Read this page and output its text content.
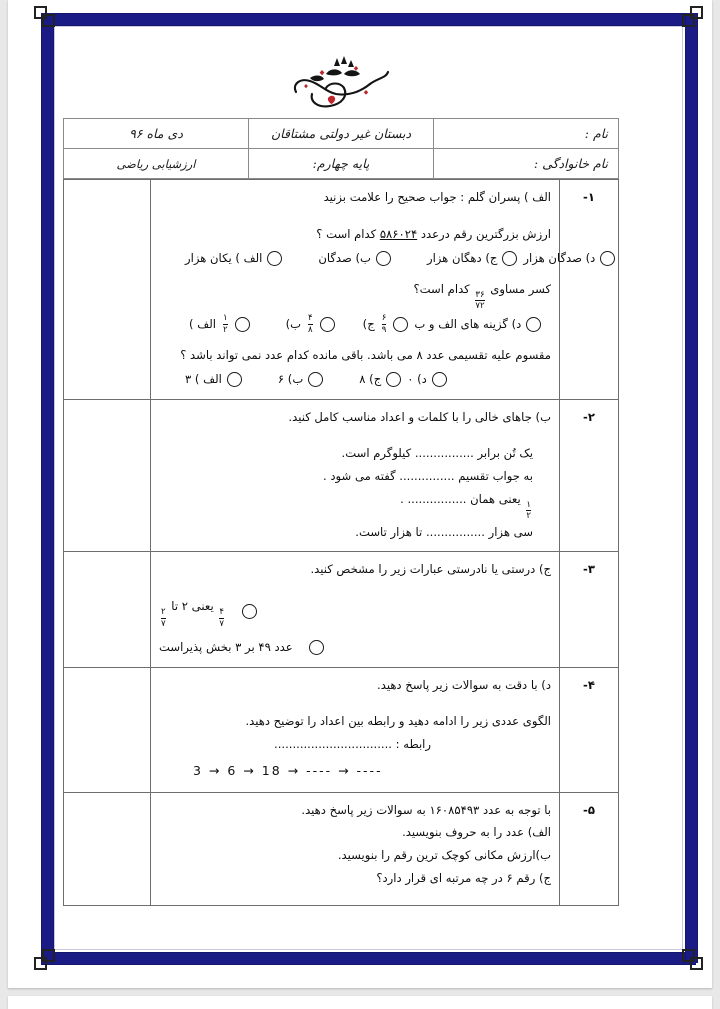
نام :	دبستان غیر دولتی مشتاقان	دی ماه ۹۶
نام خانوادگی :	پایه چهارم:	ارزشیابی ریاضی
۱-	
الف ) پسران گلم : جواب صحیح را علامت بزنید
ارزش بزرگترین رقم درعدد ۵۸۶۰۲۴ کدام است ؟
الف ) یکان هزار	ب) صدگان	ج) دهگان هزار د) صدگان هزار
کسر مساوی
$\frac{۳۶}{۷۲}$
کدام است؟
الف ) $\frac{۱}{۲}$	ب) $\frac{۴}{۸}$	ج) $\frac{۶}{۹}$ د) گزینه های الف و ب
مقسوم علیه تقسیمی عدد ۸ می باشد. باقی مانده کدام عدد نمی تواند باشد ؟
الف ) ۳	ب) ۶	ج) ۸ د) ۰

۲-	
ب) جاهای خالی را با کلمات و اعداد مناسب کامل کنید.
یک تُن برابر ................ کیلوگرم است.
به جواب تقسیم ............... گفته می شود .
$\frac{۱}{۲}$
یعنی همان ................ .
سی هزار ................ تا هزار تاست.

۳-	
ج) درستی یا نادرستی عبارات زیر را مشخص کنید.
$\frac{۴}{۷}$
یعنی ۲ تا
$\frac{۲}{۷}$
عدد ۴۹ بر ۳ بخش پذیراست

۴-	د) با دقت به سوالات زیر پاسخ دهید.
الگوی عددی زیر را ادامه دهید و رابطه بین اعداد را توضیح دهید.
رابطه : ................................
3 → 6 → 18 → ---- → ----	

۵-	با توجه به عدد ۱۶۰۸۵۴۹۳ به سوالات زیر پاسخ دهید.
الف) عدد را به حروف بنویسید.
ب)ارزش مکانی کوچک ترین رقم را بنویسید.
ج) رقم ۶ در چه مرتبه ای قرار دارد؟	
